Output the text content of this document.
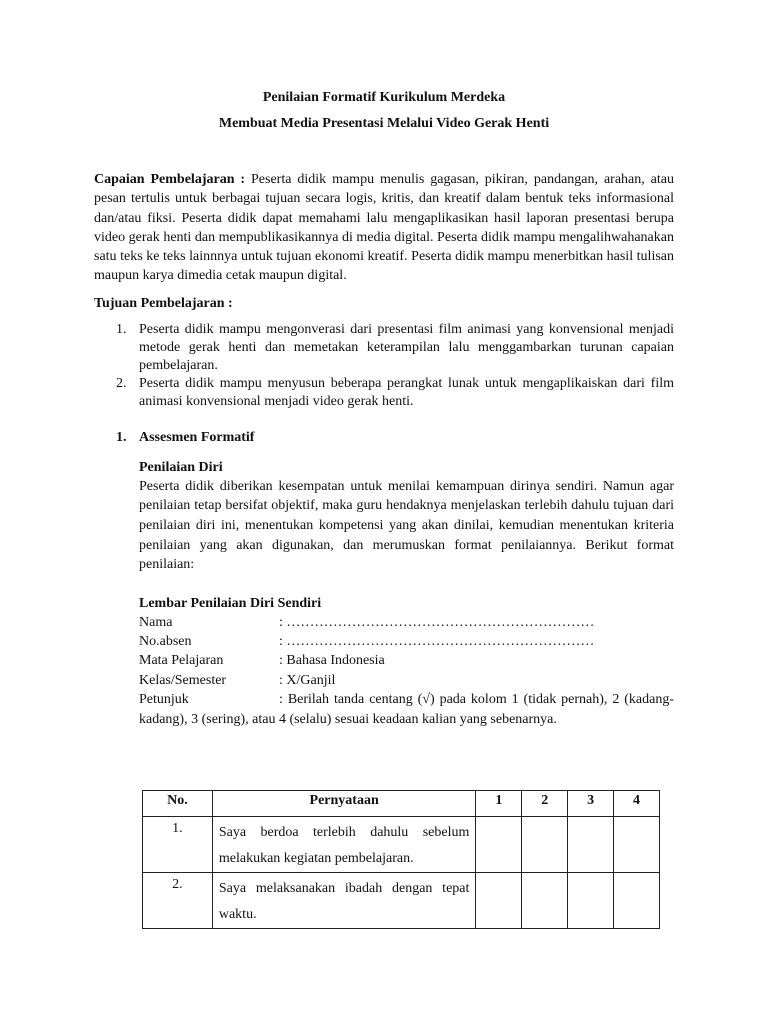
Penilaian Formatif Kurikulum Merdeka

Membuat Media Presentasi Melalui Video Gerak Henti

Capaian Pembelajaran : Peserta didik mampu menulis gagasan, pikiran, pandangan, arahan, atau pesan tertulis untuk berbagai tujuan secara logis, kritis, dan kreatif dalam bentuk teks informasional dan/atau fiksi. Peserta didik dapat memahami lalu mengaplikasikan hasil laporan presentasi berupa video gerak henti dan mempublikasikannya di media digital. Peserta didik mampu mengalihwahanakan satu teks ke teks lainnnya untuk tujuan ekonomi kreatif. Peserta didik mampu menerbitkan hasil tulisan maupun karya dimedia cetak maupun digital.

Tujuan Pembelajaran :
1. Peserta didik mampu mengonverasi dari presentasi film animasi yang konvensional menjadi metode gerak henti dan memetakan keterampilan lalu menggambarkan turunan capaian pembelajaran.
2. Peserta didik mampu menyusun beberapa perangkat lunak untuk mengaplikaiskan dari film animasi konvensional menjadi video gerak henti.
1. Assesmen Formatif
Penilaian Diri
Peserta didik diberikan kesempatan untuk menilai kemampuan dirinya sendiri. Namun agar penilaian tetap bersifat objektif, maka guru hendaknya menjelaskan terlebih dahulu tujuan dari penilaian diri ini, menentukan kompetensi yang akan dinilai, kemudian menentukan kriteria penilaian yang akan digunakan, dan merumuskan format penilaiannya. Berikut format penilaian:
Lembar Penilaian Diri Sendiri
Nama	: …………………………………………………………
No.absen	: …………………………………………………………
Mata Pelajaran	: Bahasa Indonesia
Kelas/Semester	: X/Ganjil
Petunjuk	: Berilah tanda centang (√) pada kolom 1 (tidak pernah), 2 (kadang-kadang), 3 (sering), atau 4 (selalu) sesuai keadaan kalian yang sebenarnya.
No.	Pernyataan	1	2	3	4
1.	Saya berdoa terlebih dahulu sebelum melakukan kegiatan pembelajaran.				
2.	Saya melaksanakan ibadah dengan tepat waktu.				
